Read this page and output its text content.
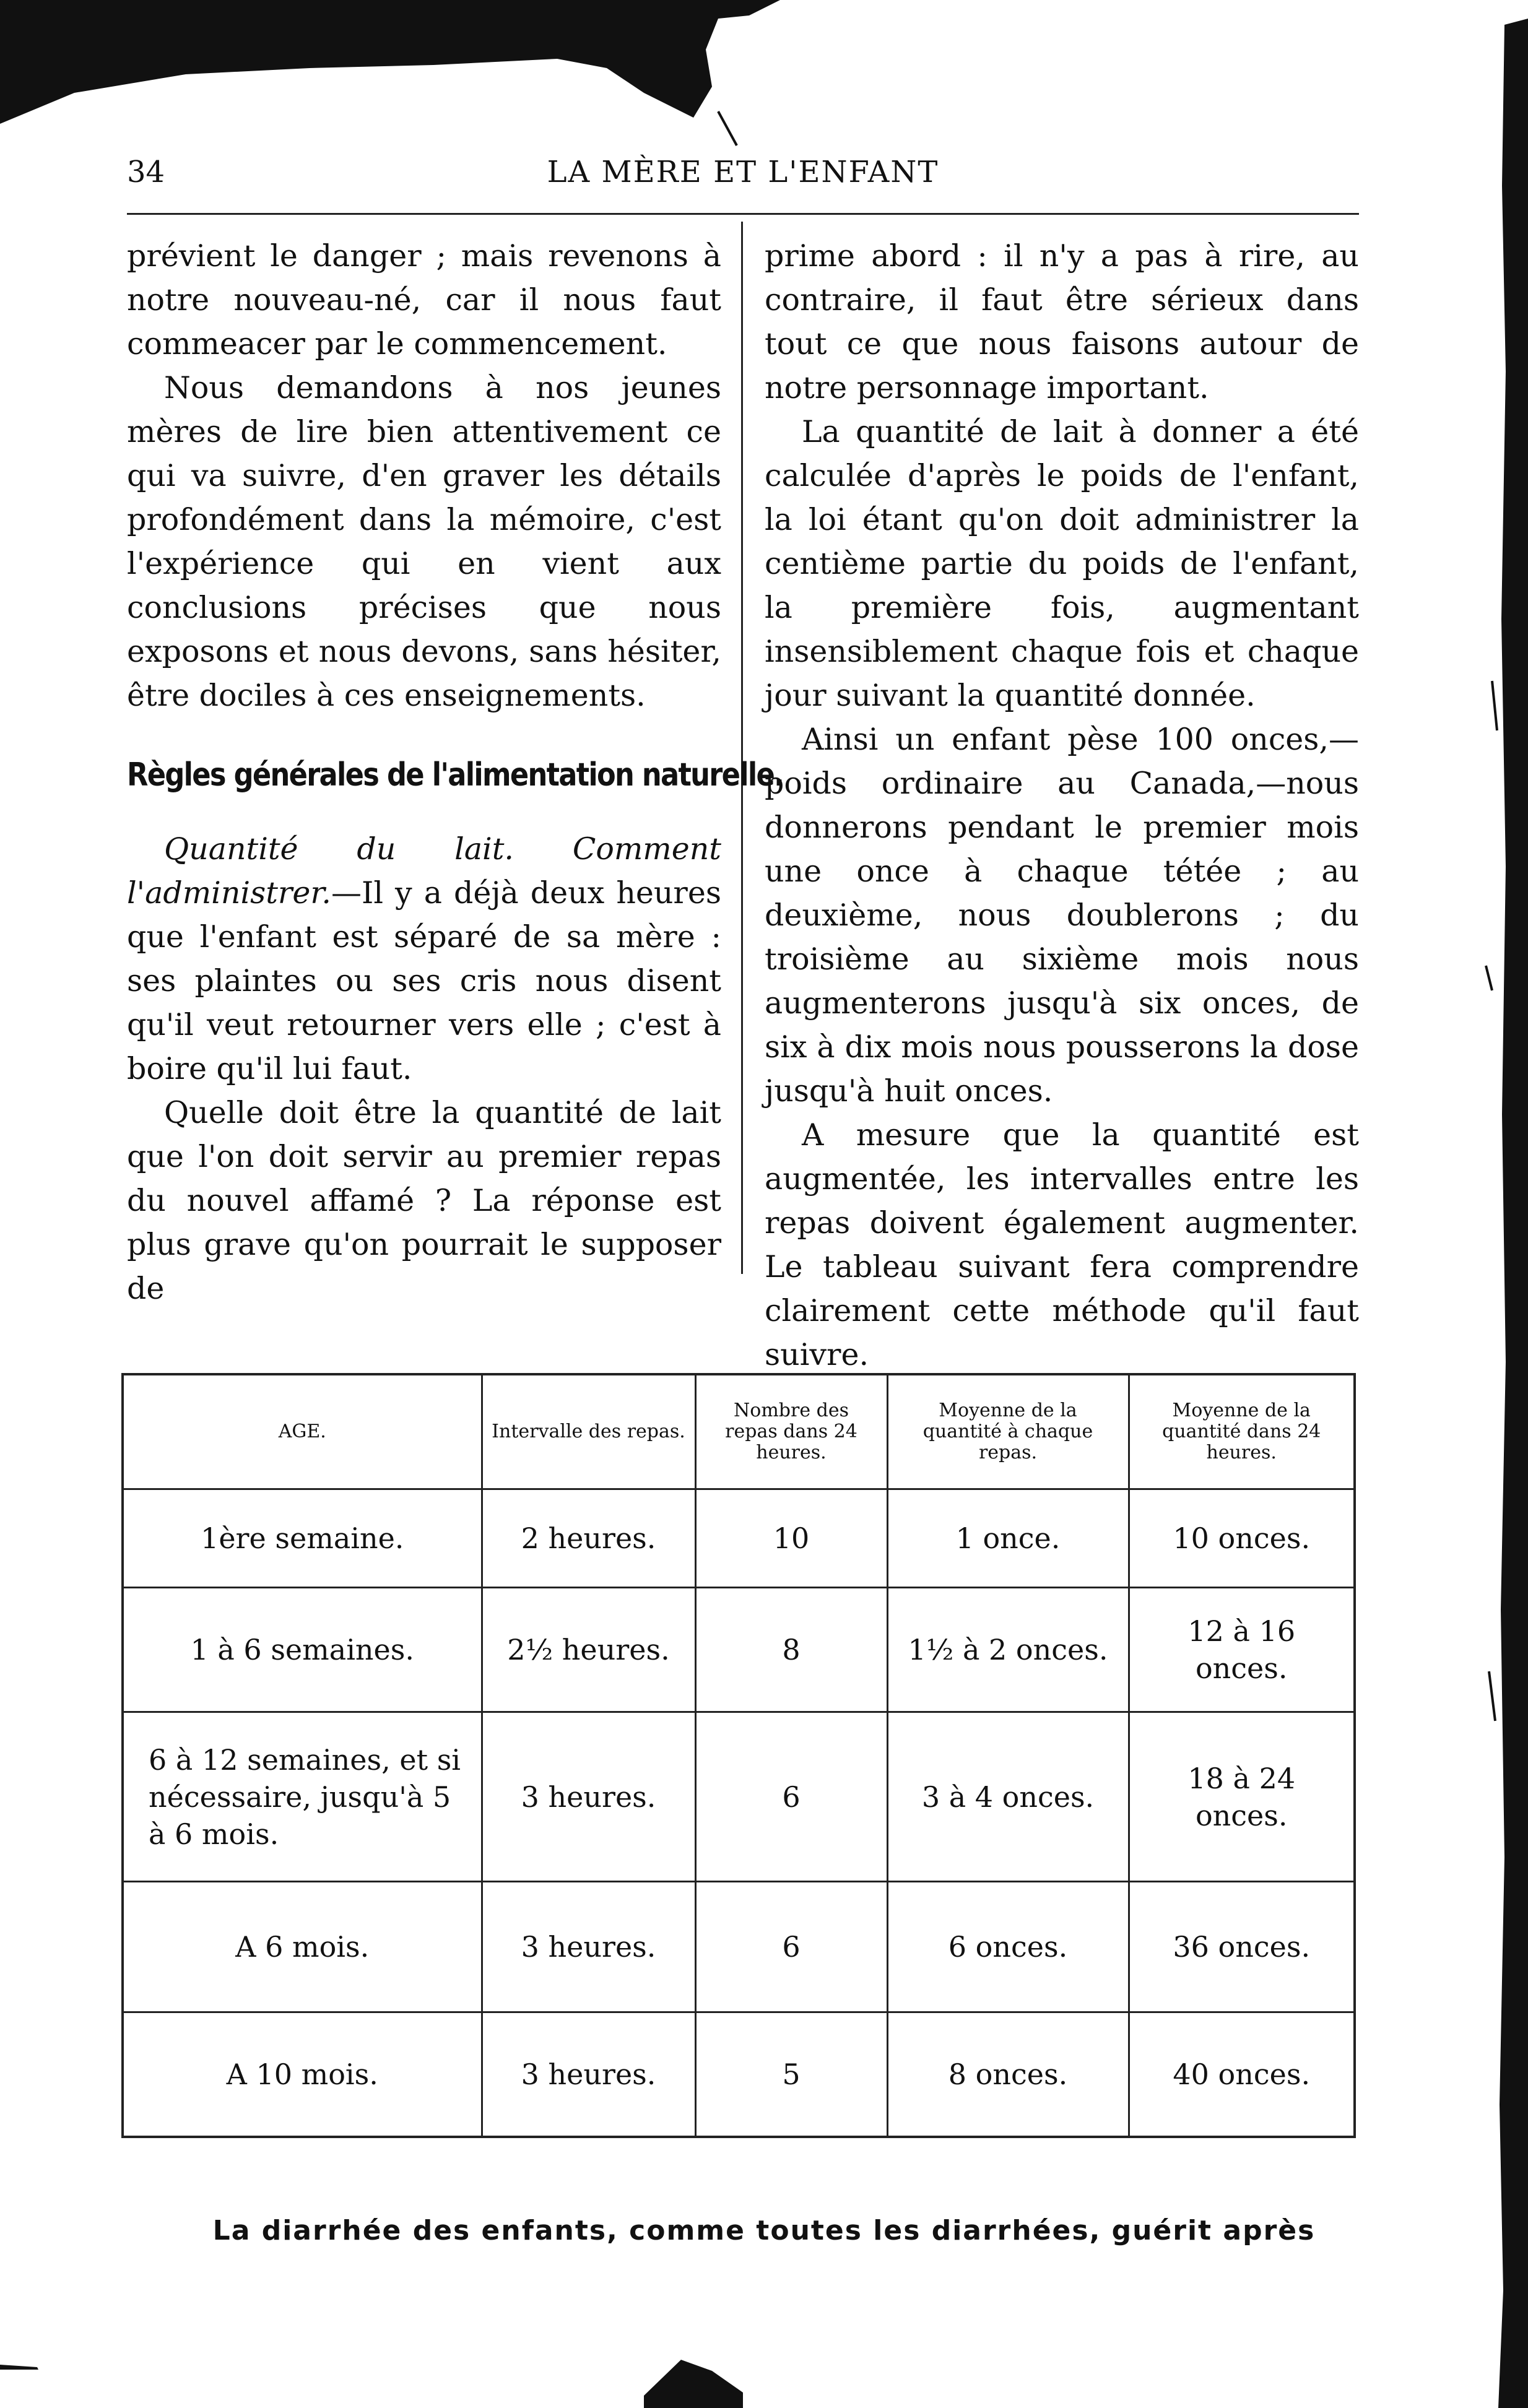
34	LA MÈRE ET L'ENFANT

prévient le danger ; mais revenons à notre nouveau-né, car il nous faut commeacer par le commencement.

Nous demandons à nos jeunes mères de lire bien attentivement ce qui va suivre, d'en graver les détails profondément dans la mémoire, c'est l'expérience qui en vient aux conclusions précises que nous exposons et nous devons, sans hésiter, être dociles à ces enseignements.

Règles générales de l'alimentation naturelle.

Quantité du lait. Comment l'administrer.—Il y a déjà deux heures que l'enfant est séparé de sa mère : ses plaintes ou ses cris nous disent qu'il veut retourner vers elle ; c'est à boire qu'il lui faut.

Quelle doit être la quantité de lait que l'on doit servir au premier repas du nouvel affamé ? La réponse est plus grave qu'on pourrait le supposer de

prime abord : il n'y a pas à rire, au contraire, il faut être sérieux dans tout ce que nous faisons autour de notre personnage important.

La quantité de lait à donner a été calculée d'après le poids de l'enfant, la loi étant qu'on doit administrer la centième partie du poids de l'enfant, la première fois, augmentant insensiblement chaque fois et chaque jour suivant la quantité donnée.

Ainsi un enfant pèse 100 onces,—poids ordinaire au Canada,—nous donnerons pendant le premier mois une once à chaque tétée ; au deuxième, nous doublerons ; du troisième au sixième mois nous augmenterons jusqu'à six onces, de six à dix mois nous pousserons la dose jusqu'à huit onces.

A mesure que la quantité est augmentée, les intervalles entre les repas doivent également augmenter. Le tableau suivant fera comprendre clairement cette méthode qu'il faut suivre.

AGE.	Intervalle des repas.	Nombre des repas dans 24 heures.	Moyenne de la quantité à chaque repas.	Moyenne de la quantité dans 24 heures.
1ère semaine.	2 heures.	10	1 once.	10 onces.
1 à 6 semaines.	2½ heures.	8	1½ à 2 onces.	12 à 16 onces.
6 à 12 semaines, et si nécessaire, jusqu'à 5 à 6 mois.	3 heures.	6	3 à 4 onces.	18 à 24 onces.
A 6 mois.	3 heures.	6	6 onces.	36 onces.
A 10 mois.	3 heures.	5	8 onces.	40 onces.
La diarrhée des enfants, comme toutes les diarrhées, guérit après
